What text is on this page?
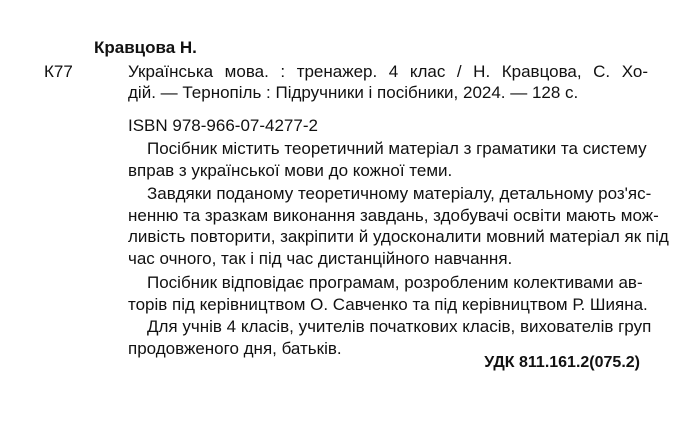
Кравцова Н.
К77	Українська мова. : тренажер. 4 клас / Н. Кравцова, С. Хо-
дій. — Тернопіль : Підручники і посібники, 2024. — 128 с.
ISBN 978-966-07-4277-2
Посібник містить теоретичний матеріал з граматики та систему
вправ з української мови до кожної теми.
Завдяки поданому теоретичному матеріалу, детальному роз'яс-
ненню та зразкам виконання завдань, здобувачі освіти мають мож-
ливість повторити, закріпити й удосконалити мовний матеріал як під
час очного, так і під час дистанційного навчання.
Посібник відповідає програмам, розробленим колективами ав-
торів під керівництвом О. Савченко та під керівництвом Р. Шияна.
Для учнів 4 класів, учителів початкових класів, вихователів груп
продовженого дня, батьків.
УДК 811.161.2(075.2)
